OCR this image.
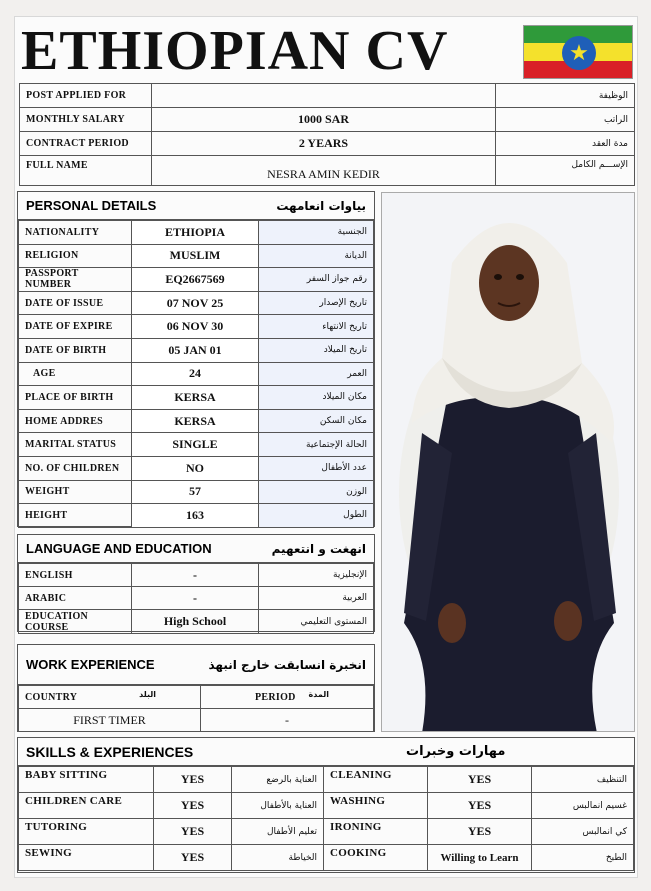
ETHIOPIAN CV	★
POST APPLIED FOR		الوظيفة
MONTHLY SALARY	1000 SAR	الراتب
CONTRACT PERIOD	2 YEARS	مدة العقد
FULL NAME	NESRA AMIN KEDIR	الإســـم الكامل
PERSONAL DETAILS	بياوات انعامهت
NATIONALITY	ETHIOPIA	الجنسية
RELIGION	MUSLIM	الديانة
PASSPORT NUMBER	EQ2667569	رقم جواز السفر
DATE OF ISSUE	07 NOV 25	تاريخ الإصدار
DATE OF EXPIRE	06 NOV 30	تاريخ الانتهاء
DATE OF BIRTH	05 JAN 01	تاريخ الميلاد
AGE	24	العمر
PLACE OF BIRTH	KERSA	مكان الميلاد
HOME ADDRES	KERSA	مكان السكن
MARITAL STATUS	SINGLE	الحالة الإجتماعية
NO. OF CHILDREN	NO	عدد الأطفال
WEIGHT	57	الوزن
HEIGHT	163	الطول
LANGUAGE AND EDUCATION	انهغت و انتعهيم
ENGLISH	-	الإنجليزية
ARABIC	-	العربية
EDUCATION COURSE	High School	المستوى التعليمي
WORK EXPERIENCE	انخبرة انسابقت خارج انبهذ
COUNTRY البلد	PERIOD المدة

FIRST TIMER	-
SKILLS & EXPERIENCES	مهارات وخبرات
BABY SITTING	YES	العناية بالرضع	CLEANING	YES	التنظيف
CHILDREN CARE	YES	العناية بالأطفال	WASHING	YES	غسيم انمالبس
TUTORING	YES	تعليم الأطفال	IRONING	YES	كي انمالبس
SEWING	YES	الخياطة	COOKING	Willing to Learn	الطبخ
